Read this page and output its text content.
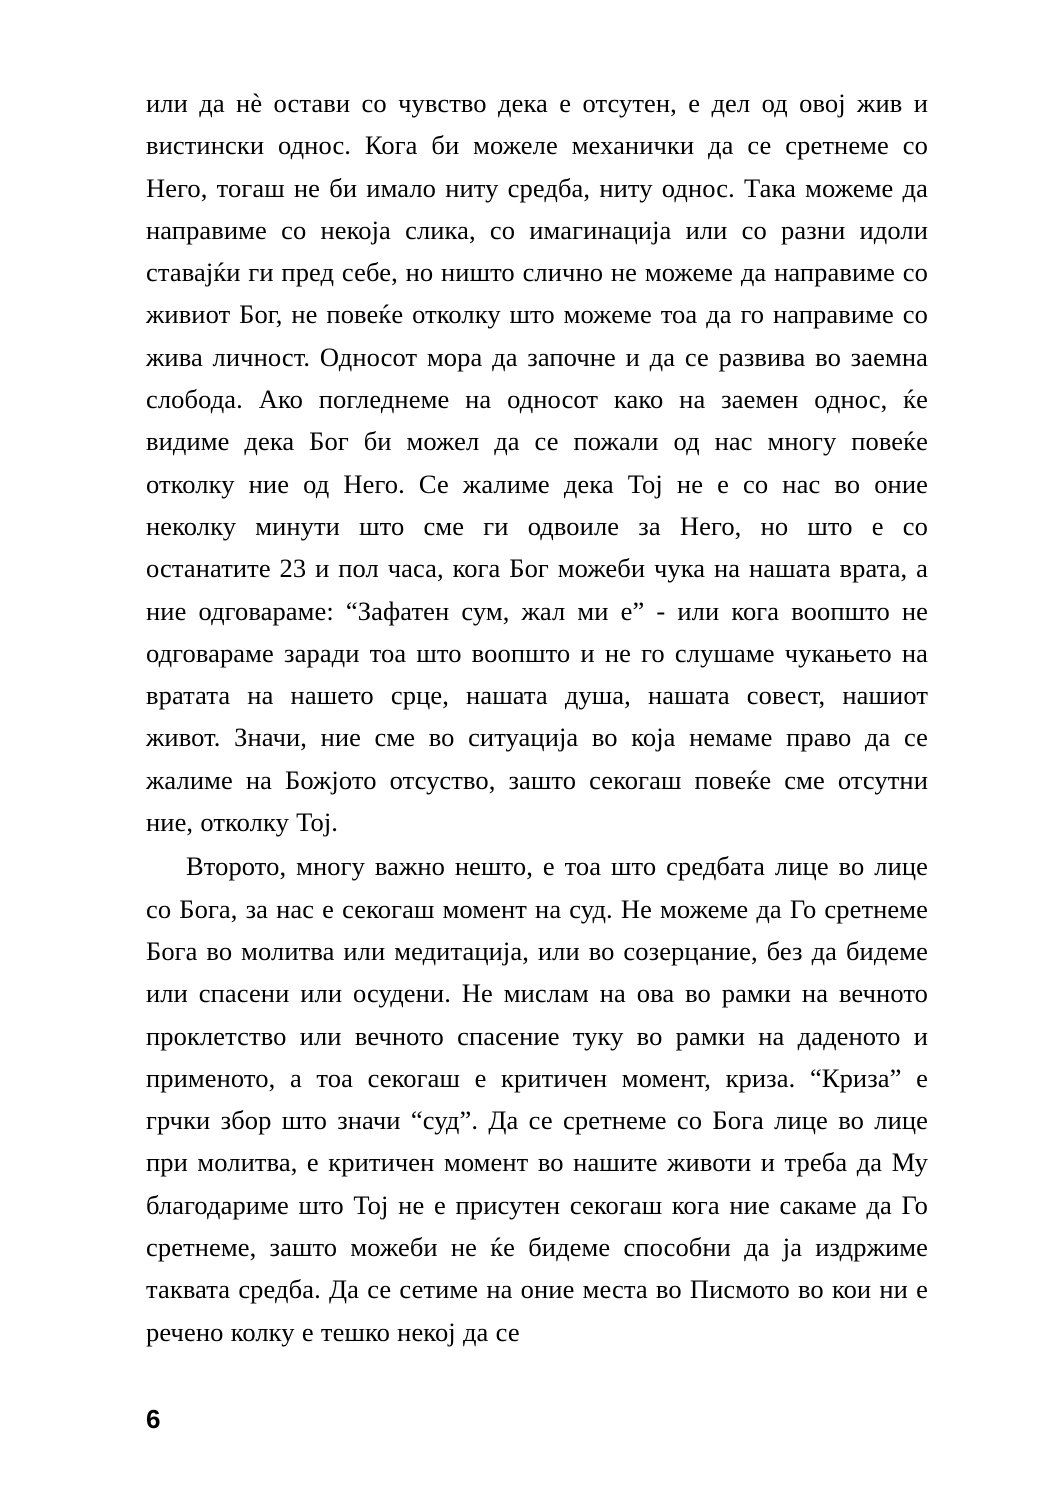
или да нѐ остави со чувство дека е отсутен, е дел од овој жив и вистински однос. Кога би можеле механички да се сретнеме со Него, тогаш не би имало ниту средба, ниту однос. Така можеме да направиме со некоја слика, со имагинација или со разни идоли ставајќи ги пред себе, но ништо слично не можеме да направиме со живиот Бог, не повеќе отколку што можеме тоа да го направиме со жива личност. Односот мора да започне и да се развива во заемна слобода. Ако погледнеме на односот како на заемен однос, ќе видиме дека Бог би можел да се пожали од нас многу повеќе отколку ние од Него. Се жалиме дека Тој не е со нас во оние неколку минути што сме ги одвоиле за Него, но што е со останатите 23 и пол часа, кога Бог можеби чука на нашата врата, а ние одговараме: “Зафатен сум, жал ми е” - или кога воопшто не одговараме заради тоа што воопшто и не го слушаме чукањето на вратата на нашето срце, нашата душа, нашата совест, нашиот живот. Значи, ние сме во ситуација во која немаме право да се жалиме на Божјото отсуство, зашто секогаш повеќе сме отсутни ние, отколку Тој.

Второто, многу важно нешто, е тоа што средбата лице во лице со Бога, за нас е секогаш момент на суд. Не можеме да Го сретнеме Бога во молитва или медитација, или во созерцание, без да бидеме или спасени или осудени. Не мислам на ова во рамки на вечното проклетство или вечното спасение туку во рамки на даденото и применото, а тоа секогаш е критичен момент, криза. “Криза” е грчки збор што значи “суд”. Да се сретнеме со Бога лице во лице при молитва, е критичен момент во нашите животи и треба да Му благодариме што Тој не е присутен секогаш кога ние сакаме да Го сретнеме, зашто можеби не ќе бидеме способни да ја издржиме таквата средба. Да се сетиме на оние места во Писмото во кои ни е речено колку е тешко некој да се

6
